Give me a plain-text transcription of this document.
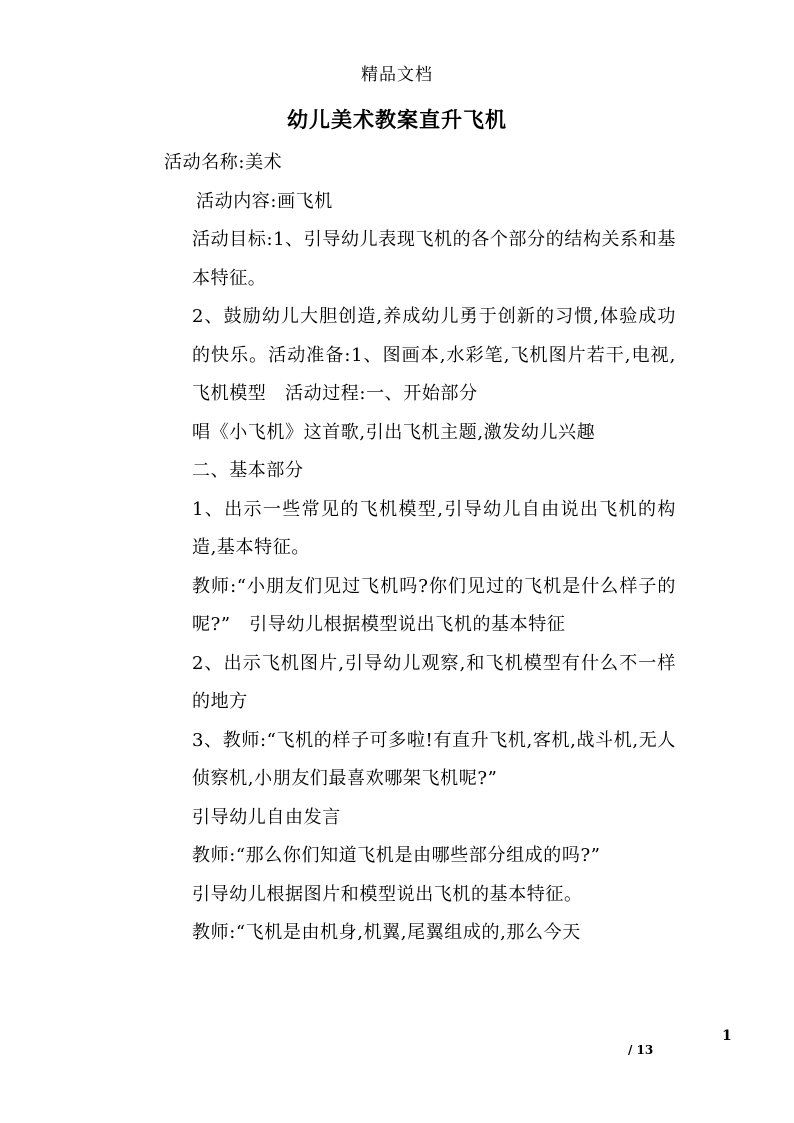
精品文档
幼儿美术教案直升飞机

活动名称:美术

活动内容:画飞机

活动目标:1、引导幼儿表现飞机的各个部分的结构关系和基本特征。

2、鼓励幼儿大胆创造,养成幼儿勇于创新的习惯,体验成功的快乐。活动准备:1、图画本,水彩笔,飞机图片若干,电视,飞机模型　活动过程:一、开始部分

唱《小飞机》这首歌,引出飞机主题,激发幼儿兴趣

二、基本部分

1、出示一些常见的飞机模型,引导幼儿自由说出飞机的构造,基本特征。

教师:“小朋友们见过飞机吗?你们见过的飞机是什么样子的呢?”　引导幼儿根据模型说出飞机的基本特征

2、出示飞机图片,引导幼儿观察,和飞机模型有什么不一样的地方

3、教师:“飞机的样子可多啦!有直升飞机,客机,战斗机,无人侦察机,小朋友们最喜欢哪架飞机呢?”

引导幼儿自由发言

教师:“那么你们知道飞机是由哪些部分组成的吗?”

引导幼儿根据图片和模型说出飞机的基本特征。

教师:“飞机是由机身,机翼,尾翼组成的,那么今天

1
/ 13
